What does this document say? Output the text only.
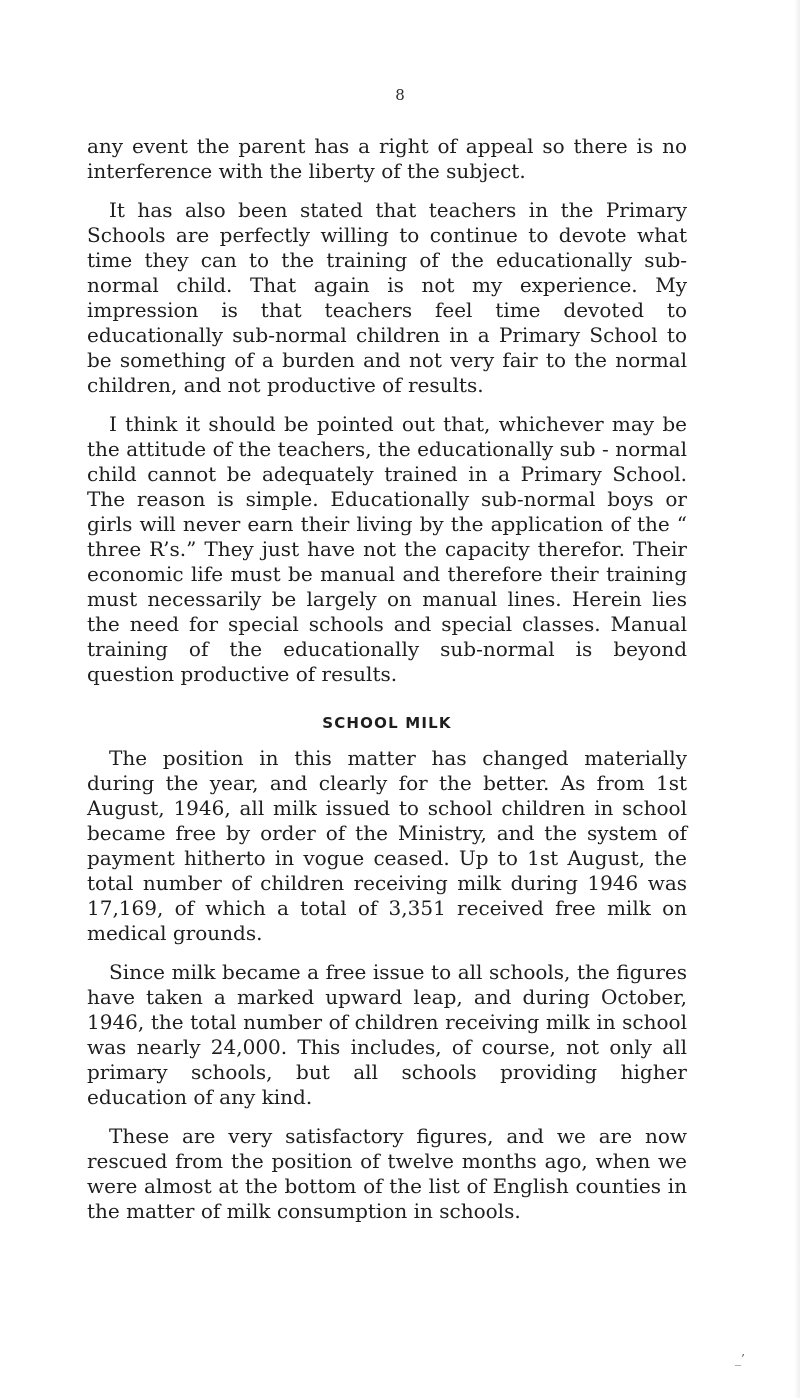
8

any event the parent has a right of appeal so there is no interference with the liberty of the subject.

It has also been stated that teachers in the Primary Schools are perfectly willing to continue to devote what time they can to the training of the educationally sub-normal child. That again is not my experience. My impression is that teachers feel time devoted to educationally sub-normal children in a Primary School to be something of a burden and not very fair to the normal children, and not productive of results.

I think it should be pointed out that, whichever may be the attitude of the teachers, the educationally sub - normal child cannot be adequately trained in a Primary School. The reason is simple. Educationally sub-normal boys or girls will never earn their living by the application of the “ three R’s.” They just have not the capacity therefor. Their economic life must be manual and therefore their training must necessarily be largely on manual lines. Herein lies the need for special schools and special classes. Manual training of the educationally sub-normal is beyond question productive of results.

SCHOOL MILK

The position in this matter has changed materially during the year, and clearly for the better. As from 1st August, 1946, all milk issued to school children in school became free by order of the Ministry, and the system of payment hitherto in vogue ceased. Up to 1st August, the total number of children receiving milk during 1946 was 17,169, of which a total of 3,351 received free milk on medical grounds.

Since milk became a free issue to all schools, the figures have taken a marked upward leap, and during October, 1946, the total number of children receiving milk in school was nearly 24,000. This includes, of course, not only all primary schools, but all schools providing higher education of any kind.

These are very satisfactory figures, and we are now rescued from the position of twelve months ago, when we were almost at the bottom of the list of English counties in the matter of milk consumption in schools.

_’
